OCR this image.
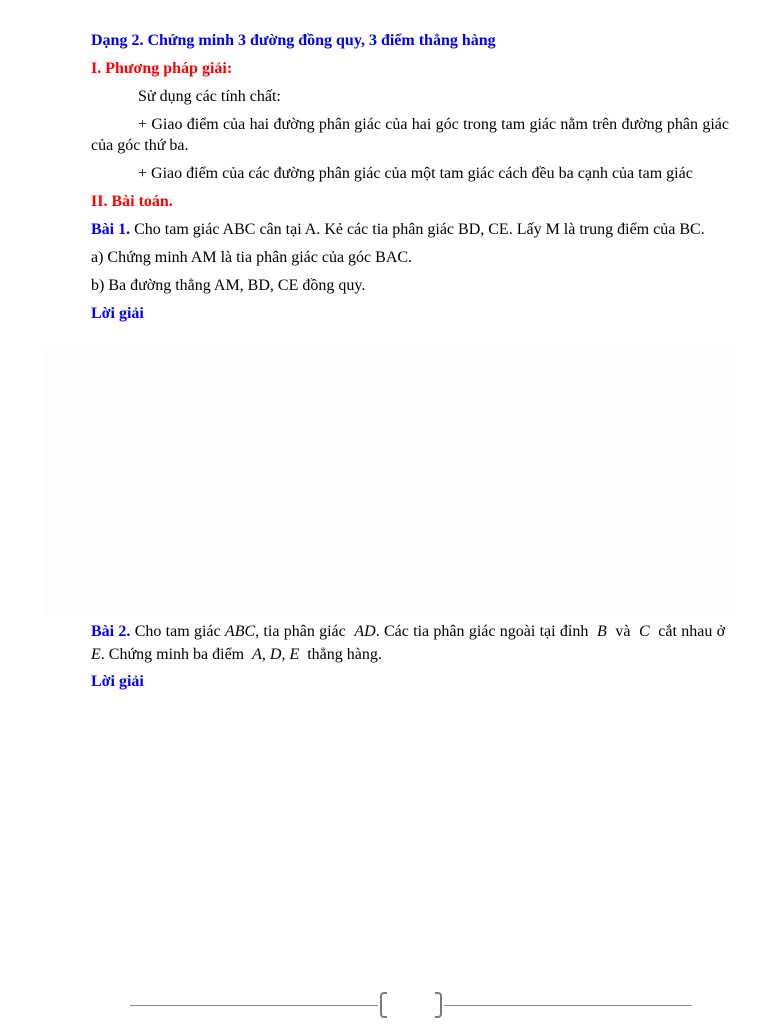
Dạng 2. Chứng minh 3 đường đồng quy, 3 điểm thẳng hàng

I. Phương pháp giải:

Sử dụng các tính chất:

+ Giao điểm của hai đường phân giác của hai góc trong tam giác nằm trên đường phân giác của góc thứ ba.

+ Giao điểm của các đường phân giác của một tam giác cách đều ba cạnh của tam giác

II. Bài toán.

Bài 1. Cho tam giác ABC cân tại A. Kẻ các tia phân giác BD, CE. Lấy M là trung điểm của BC.

a) Chứng minh AM là tia phân giác của góc BAC.

b) Ba đường thẳng AM, BD, CE đồng quy.

Lời giải

Bài 2. Cho tam giác ABC, tia phân giác AD. Các tia phân giác ngoài tại đỉnh B và C cắt nhau ở  E. Chứng minh ba điểm A, D, E thẳng hàng.

Lời giải
